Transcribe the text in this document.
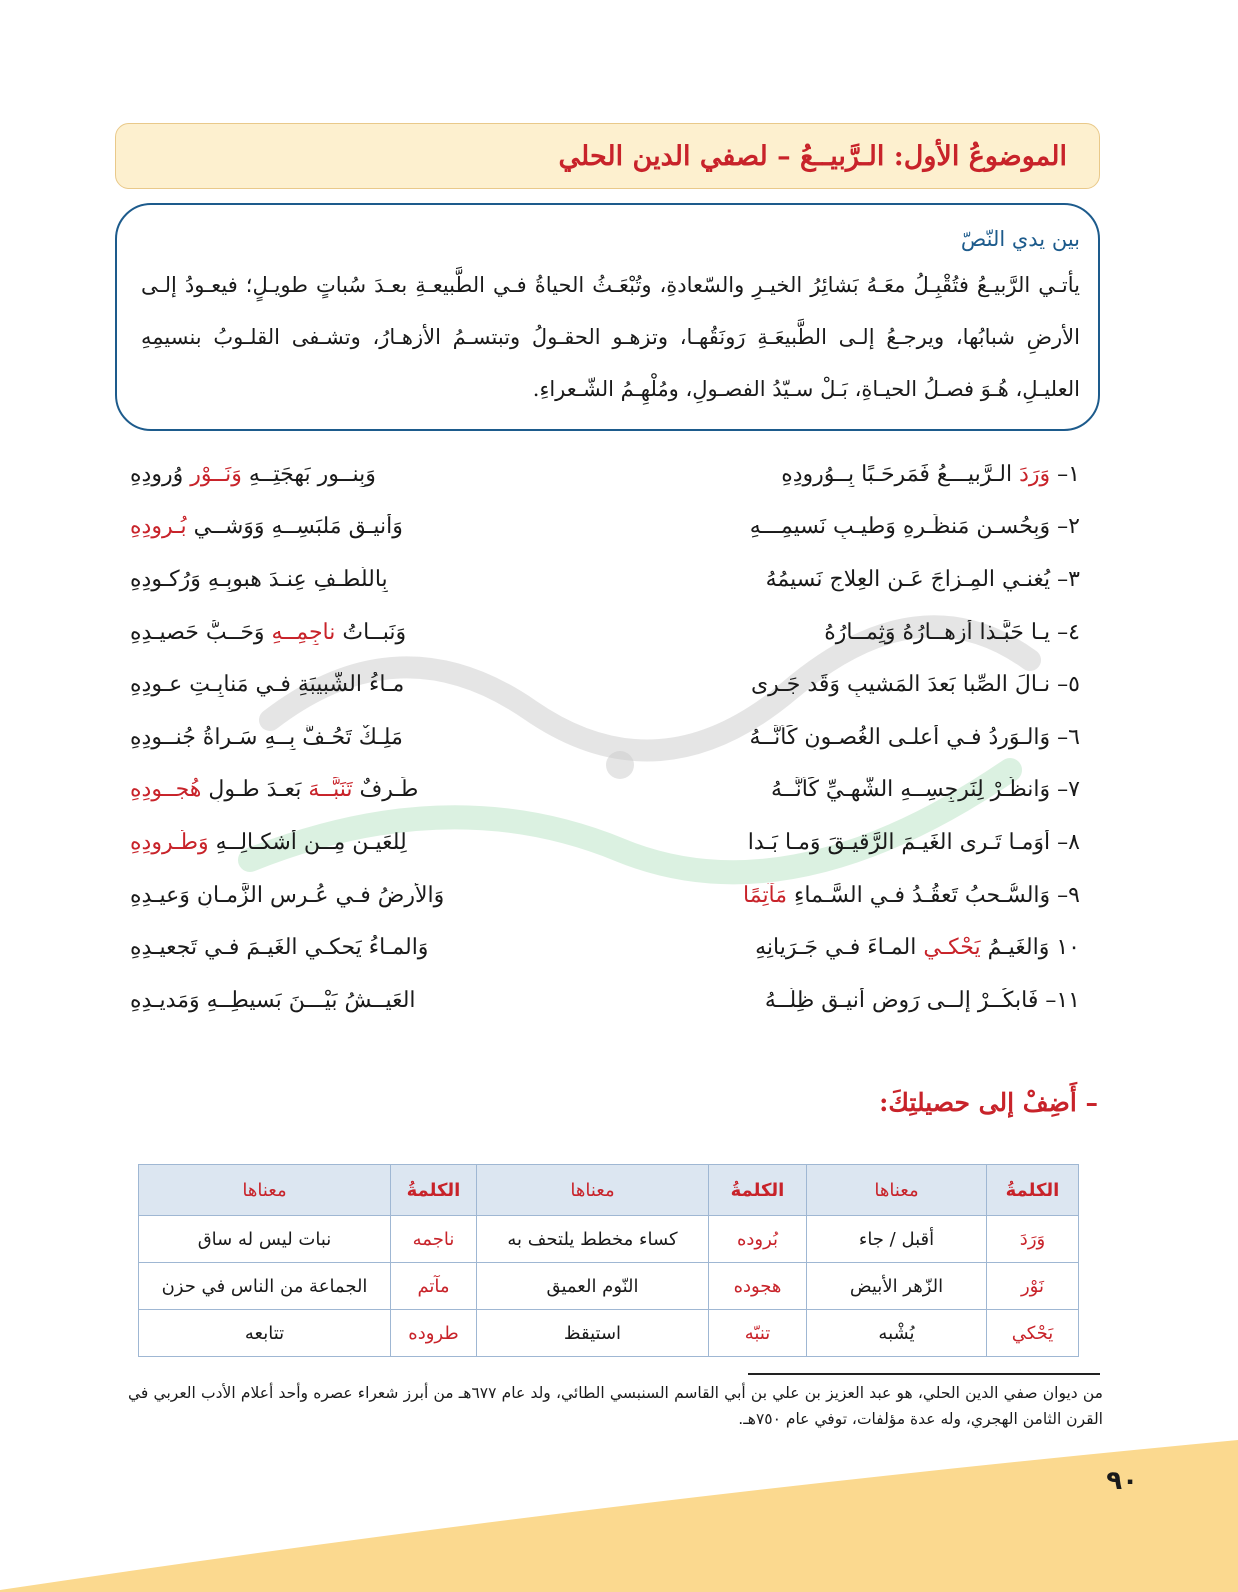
الموضوعُ الأول: الـرَّبيــعُ – لصفي الدين الحلي

بين يدي النّصّ

يأتـي الرَّبيـعُ فتُقْبِـلُ معَـهُ بَشائِرُ الخيـرِ والسّعادةِ، وتُبْعَـثُ الحياةُ فـي الطَّبيعـةِ بعـدَ سُباتٍ طويـلٍ؛ فيعـودُ إلـى الأرضِ شبابُها، ويرجـعُ إلـى الطَّبيعَـةِ رَونَقُهـا، وتزهـو الحقـولُ وتبتسـمُ الأزهـارُ، وتشـفى القلـوبُ بنسيمِهِ العليـلِ، هُـوَ فصـلُ الحيـاةِ، بَـلْ سـيّدُ الفصـولِ، ومُلْهِـمُ الشّـعراءِ.

١– وَرَدَ الـرَّبيـــعُ فَمَرحَـبًا بِــوُرودِهِ
وَبِنــورِ بَهجَتِــهِ وَنَــوْرِ وُرودِهِ
٢– وَبِحُسـنِ مَنظَـرِهِ وَطيـبِ نَسيمِـــهِ
وَأنيـقِ مَلبَسِــهِ وَوَشــي بُـرودِهِ
٣– يُغنـي المِـزاجَ عَـنِ العِلاجِ نَسيمُهُ
بِاللُّطـفِ عِنـدَ هبوبِـهِ وَرُكـودِهِ
٤– يـا حَبَّـذا أزهــارُهُ وَثِمــارُهُ
وَنَبــاتُ ناجِمِــهِ وَحَــبُّ حَصيـدِهِ
٥– نـالَ الصِّبا بَعدَ المَشيبِ وَقَد جَـرى
مـاءُ الشَّبيبَةِ فـي مَنابِـتِ عـودِهِ
٦– وَالـوَردُ فـي أَعلـى الغُصـونِ كَأَنَّــهُ
مَلِـكٌ تَحُـفُّ بِــهِ سَـراةُ جُنــودِهِ
٧– وَانظُـرْ لِنَرجِسِــهِ الشَّهـيِّ كَأَنَّــهُ
طَـرفٌ تَنَبَّــهَ بَعـدَ طـولِ هُجــودِهِ
٨– أَوَمـا تَـرى الغَيـمَ الرَّقيـقَ وَمـا بَـدا
لِلعَيـنِ مِــن أَشكـالِــهِ وَطُـرودِهِ
٩– وَالسُّـحبُ تَعقُـدُ فـي السَّـماءِ مَآتِمًا
وَالأَرضُ فـي عُـرسِ الزَّمـانِ وَعيـدِهِ
١٠ وَالغَيـمُ يَحْكـي المـاءَ فـي جَـرَيانِهِ
وَالمـاءُ يَحكـي الغَيـمَ فـي تَجعيـدِهِ
١١– فَابكُــرْ إِلــى رَوضٍ أَنيـقٍ ظِلُّــهُ
العَيــشُ بَيْـــنَ بَسيطِــهِ وَمَديـدِهِ
– أَضِفْ إلى حصيلتِكَ:
الكلمةُ	معناها	الكلمةُ	معناها	الكلمةُ	معناها
وَرَدَ	أقبل / جاء	بُروده	كساء مخطط يلتحف به	ناجمه	نبات ليس له ساق
نَوْر	الزّهر الأبيض	هجوده	النّوم العميق	مآتم	الجماعة من الناس في حزن
يَحْكي	يُشْبه	تنبّه	استيقظ	طروده	تتابعه

من ديوان صفي الدين الحلي، هو عبد العزيز بن علي بن أبي القاسم السنبسي الطائي، ولد عام ٦٧٧هـ من أبرز شعراء عصره وأحد أعلام الأدب العربي في القرن الثامن الهجري، وله عدة مؤلفات، توفي عام ٧٥٠هـ.

٩٠
